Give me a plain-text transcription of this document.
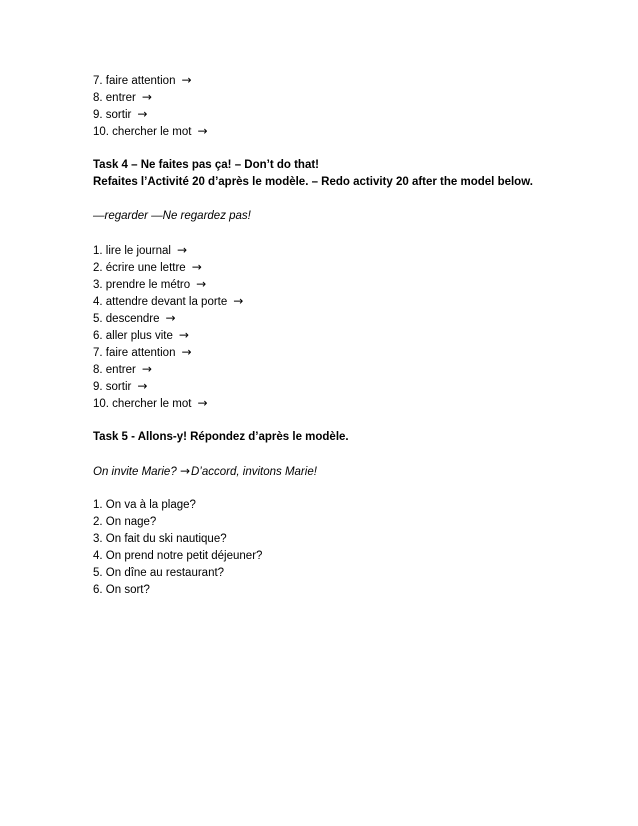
7. faire attention →
8. entrer →
9. sortir →
10. chercher le mot →
Task 4 – Ne faites pas ça! – Don’t do that!
Refaites l’Activité 20 d’après le modèle. – Redo activity 20 after the model below.
—regarder —Ne regardez pas!
1. lire le journal →
2. écrire une lettre →
3. prendre le métro →
4. attendre devant la porte →
5. descendre →
6. aller plus vite →
7. faire attention →
8. entrer →
9. sortir →
10. chercher le mot →
Task 5 - Allons-y! Répondez d’après le modèle.
On invite Marie? →D’accord, invitons Marie!
1. On va à la plage?
2. On nage?
3. On fait du ski nautique?
4. On prend notre petit déjeuner?
5. On dîne au restaurant?
6. On sort?
